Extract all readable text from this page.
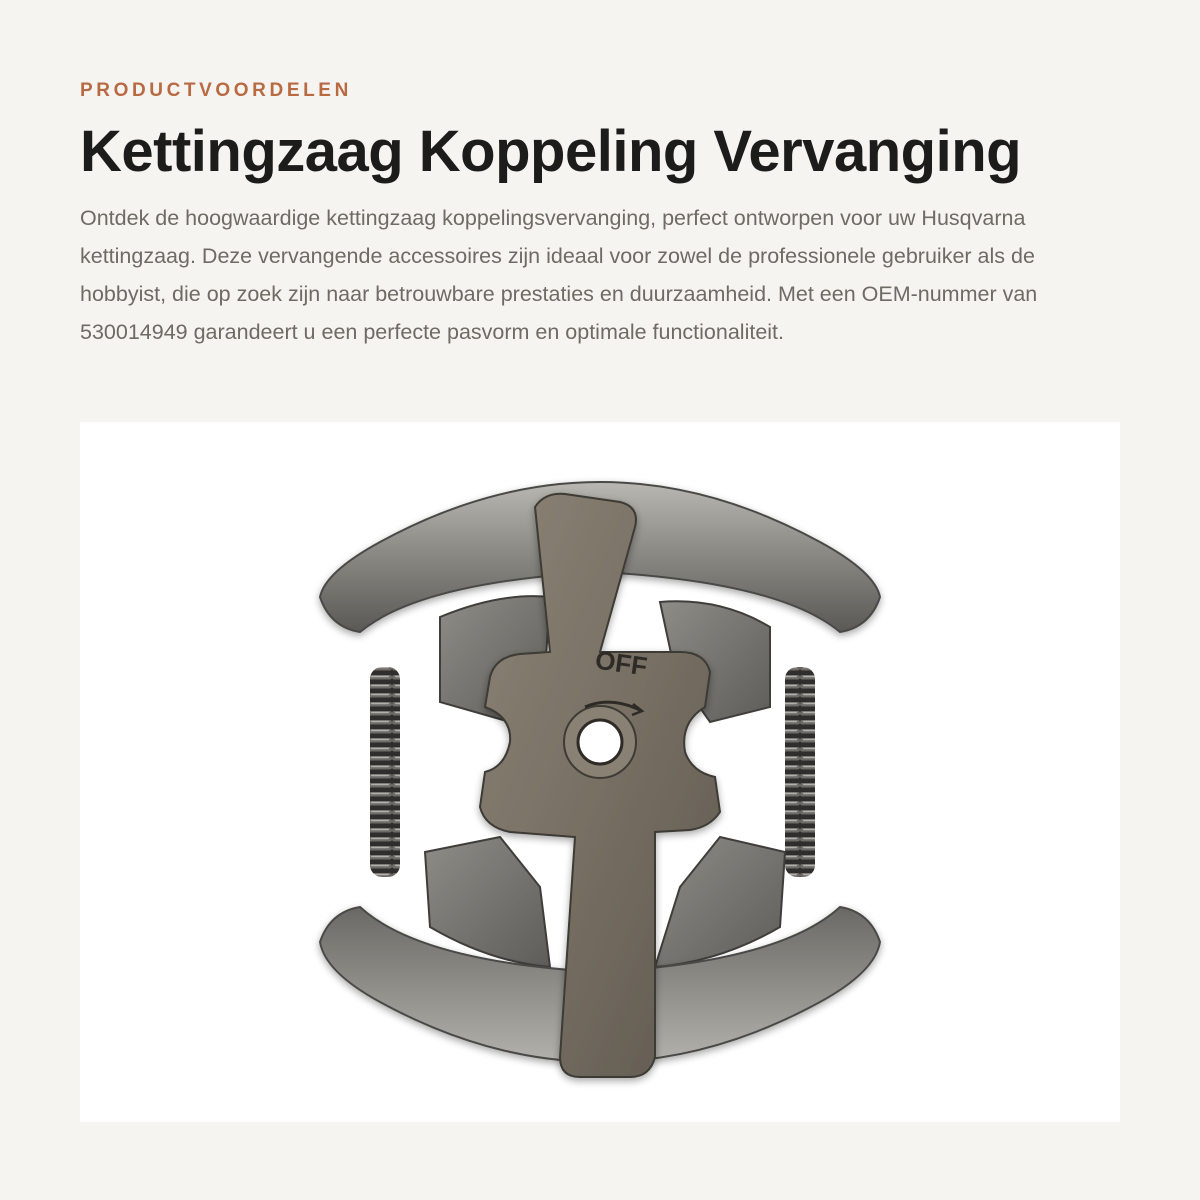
PRODUCTVOORDELEN
Kettingzaag Koppeling Vervanging

Ontdek de hoogwaardige kettingzaag koppelingsvervanging, perfect ontworpen voor uw Husqvarna kettingzaag. Deze vervangende accessoires zijn ideaal voor zowel de professionele gebruiker als de hobbyist, die op zoek zijn naar betrouwbare prestaties en duurzaamheid. Met een OEM-nummer van 530014949 garandeert u een perfecte pasvorm en optimale functionaliteit.

OFF
